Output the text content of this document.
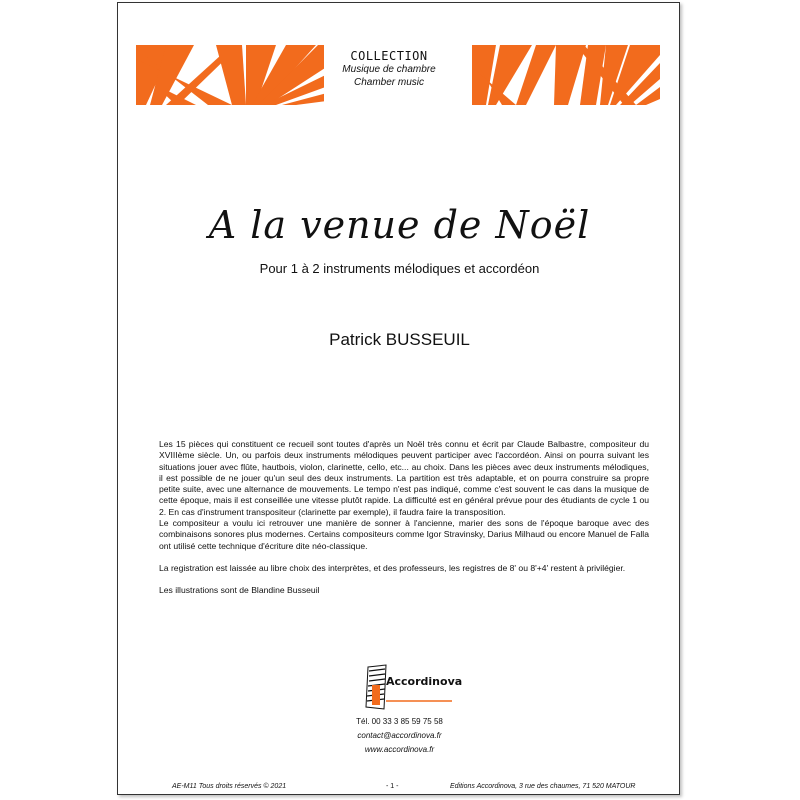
COLLECTION
Musique de chambre
Chamber music
A la venue de Noël
Pour 1 à 2 instruments mélodiques et accordéon
Patrick BUSSEUIL

Les 15 pièces qui constituent ce recueil sont toutes d'après un Noël très connu et écrit par Claude Balbastre, compositeur du XVIIIème siècle. Un, ou parfois deux instruments mélodiques peuvent participer avec l'accordéon. Ainsi on pourra suivant les situations jouer avec flûte, hautbois, violon, clarinette, cello, etc... au choix. Dans les pièces avec deux instruments mélodiques, il est possible de ne jouer qu'un seul des deux instruments. La partition est très adaptable, et on pourra construire sa propre petite suite, avec une alternance de mouvements. Le tempo n'est pas indiqué, comme c'est souvent le cas dans la musique de cette époque, mais il est conseillée une vitesse plutôt rapide. La difficulté est en général prévue pour des étudiants de cycle 1 ou 2. En cas d'instrument transpositeur (clarinette par exemple), il faudra faire la transposition.
Le compositeur a voulu ici retrouver une manière de sonner à l'ancienne, marier des sons de l'époque baroque avec des combinaisons sonores plus modernes. Certains compositeurs comme Igor Stravinsky, Darius Milhaud ou encore Manuel de Falla ont utilisé cette technique d'écriture dite néo-classique.

La registration est laissée au libre choix des interprètes, et des professeurs, les registres de 8' ou 8'+4' restent à privilégier.

Les illustrations sont de Blandine Busseuil

Accordinova
Tél. 00 33 3 85 59 75 58
contact@accordinova.fr
www.accordinova.fr
AE-M11 Tous droits réservés © 2021	- 1 -	Editions Accordinova, 3 rue des chaumes, 71 520 MATOUR
